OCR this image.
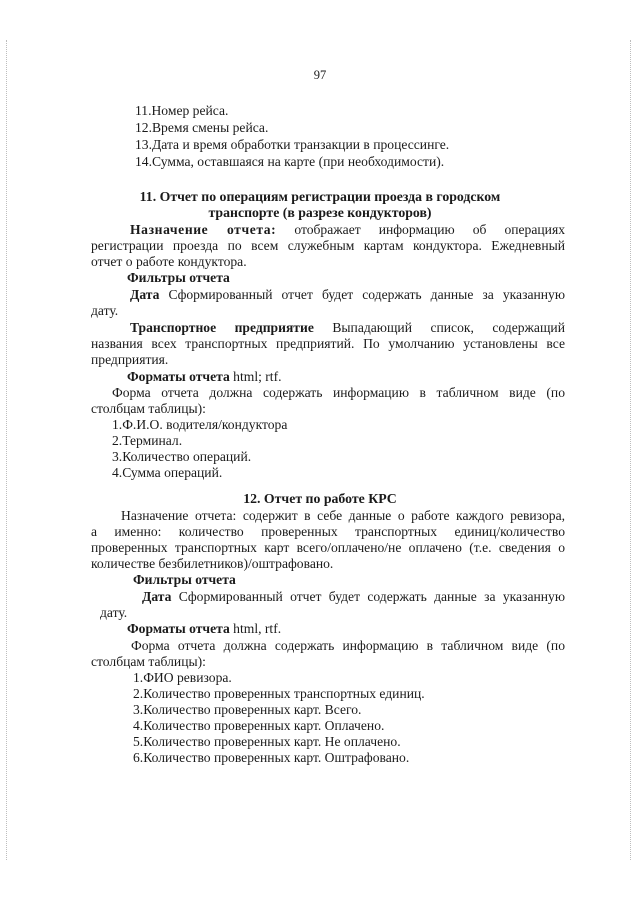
97
11.Номер рейса.
12.Время смены рейса.
13.Дата и время обработки транзакции в процессинге.
14.Сумма, оставшаяся на карте (при необходимости).
11. Отчет по операциям регистрации проезда в городском
транспорте (в разрезе кондукторов)
Назначение отчета: отображает информацию об операциях
регистрации проезда по всем служебным картам кондуктора. Ежедневный
отчет о работе кондуктора.
Фильтры отчета
Дата Сформированный отчет будет содержать данные за указанную
дату.
Транспортное предприятие Выпадающий список, содержащий
названия всех транспортных предприятий. По умолчанию установлены все
предприятия.
Форматы отчета html; rtf.
Форма отчета должна содержать информацию в табличном виде (по
столбцам таблицы):
1.Ф.И.О. водителя/кондуктора
2.Терминал.
3.Количество операций.
4.Сумма операций.
12. Отчет по работе КРС
Назначение отчета: содержит в себе данные о работе каждого ревизора,
а именно: количество проверенных транспортных единиц/количество
проверенных транспортных карт всего/оплачено/не оплачено (т.е. сведения о
количестве безбилетников)/оштрафовано.
Фильтры отчета
Дата Сформированный отчет будет содержать данные за указанную
дату.
Форматы отчета html, rtf.
Форма отчета должна содержать информацию в табличном виде (по
столбцам таблицы):
1.ФИО ревизора.
2.Количество проверенных транспортных единиц.
3.Количество проверенных карт. Всего.
4.Количество проверенных карт. Оплачено.
5.Количество проверенных карт. Не оплачено.
6.Количество проверенных карт. Оштрафовано.
